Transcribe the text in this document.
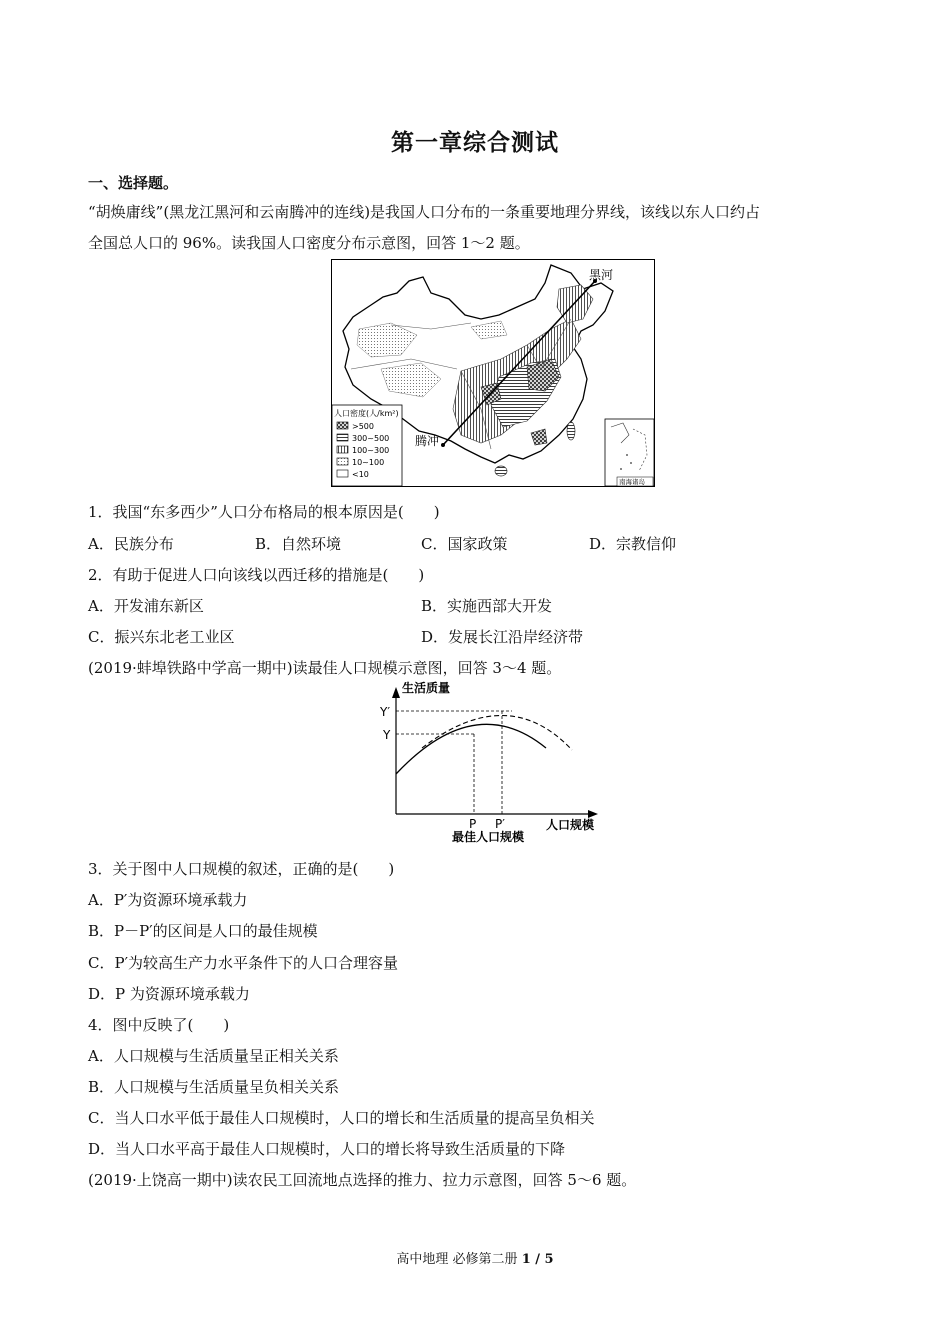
第一章综合测试
一、选择题。
“胡焕庸线”(黑龙江黑河和云南腾冲的连线)是我国人口分布的一条重要地理分界线，该线以东人口约占
全国总人口的 96%。读我国人口密度分布示意图，回答 1～2 题。
黑河
腾冲
人口密度(人/km²)
>500
300~500
100~300
10~100
<10
南海诸岛
1．我国“东多西少”人口分布格局的根本原因是(　　)
A．民族分布	B．自然环境	C．国家政策	D．宗教信仰
2．有助于促进人口向该线以西迁移的措施是(　　)
A．开发浦东新区	B．实施西部大开发
C．振兴东北老工业区	D．发展长江沿岸经济带
(2019·蚌埠铁路中学高一期中)读最佳人口规模示意图，回答 3～4 题。
生活质量
人口规模
最佳人口规模
Y′
Y
P P′
3．关于图中人口规模的叙述，正确的是(　　)
A．P′为资源环境承载力
B．P－P′的区间是人口的最佳规模
C．P′为较高生产力水平条件下的人口合理容量
D．P 为资源环境承载力
4．图中反映了(　　)
A．人口规模与生活质量呈正相关关系
B．人口规模与生活质量呈负相关关系
C．当人口水平低于最佳人口规模时，人口的增长和生活质量的提高呈负相关
D．当人口水平高于最佳人口规模时，人口的增长将导致生活质量的下降
(2019·上饶高一期中)读农民工回流地点选择的推力、拉力示意图，回答 5～6 题。
高中地理 必修第二册 1 / 5
